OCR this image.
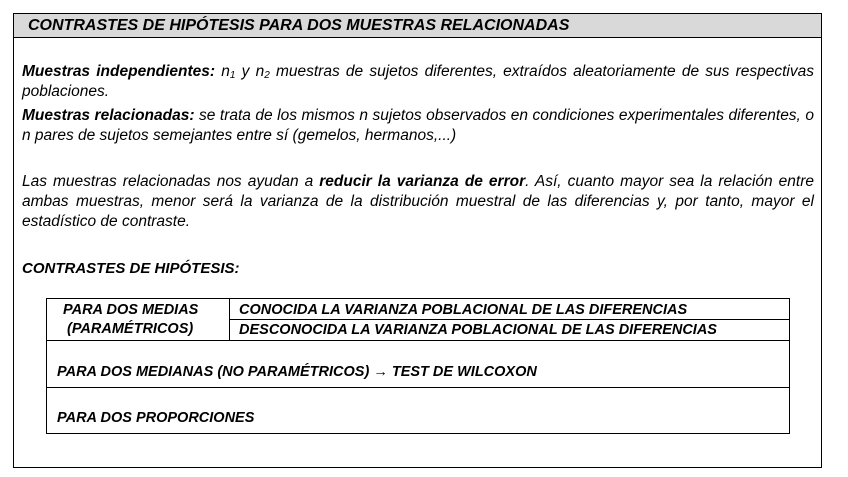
CONTRASTES DE HIPÓTESIS PARA DOS MUESTRAS RELACIONADAS
Muestras independientes: $n_1$ y $n_2$ muestras de sujetos diferentes, extraídos aleatoriamente de sus respectivas poblaciones.
Muestras relacionadas: se trata de los mismos n sujetos observados en condiciones experimentales diferentes, o n pares de sujetos semejantes entre sí (gemelos, hermanos,...)
Las muestras relacionadas nos ayudan a reducir la varianza de error. Así, cuanto mayor sea la relación entre ambas muestras, menor será la varianza de la distribución muestral de las diferencias y, por tanto, mayor el estadístico de contraste.
CONTRASTES DE HIPÓTESIS:
PARA DOS MEDIAS
(PARAMÉTRICOS)
CONOCIDA LA VARIANZA POBLACIONAL DE LAS DIFERENCIAS
DESCONOCIDA LA VARIANZA POBLACIONAL DE LAS DIFERENCIAS
PARA DOS MEDIANAS (NO PARAMÉTRICOS) → TEST DE WILCOXON
PARA DOS PROPORCIONES
